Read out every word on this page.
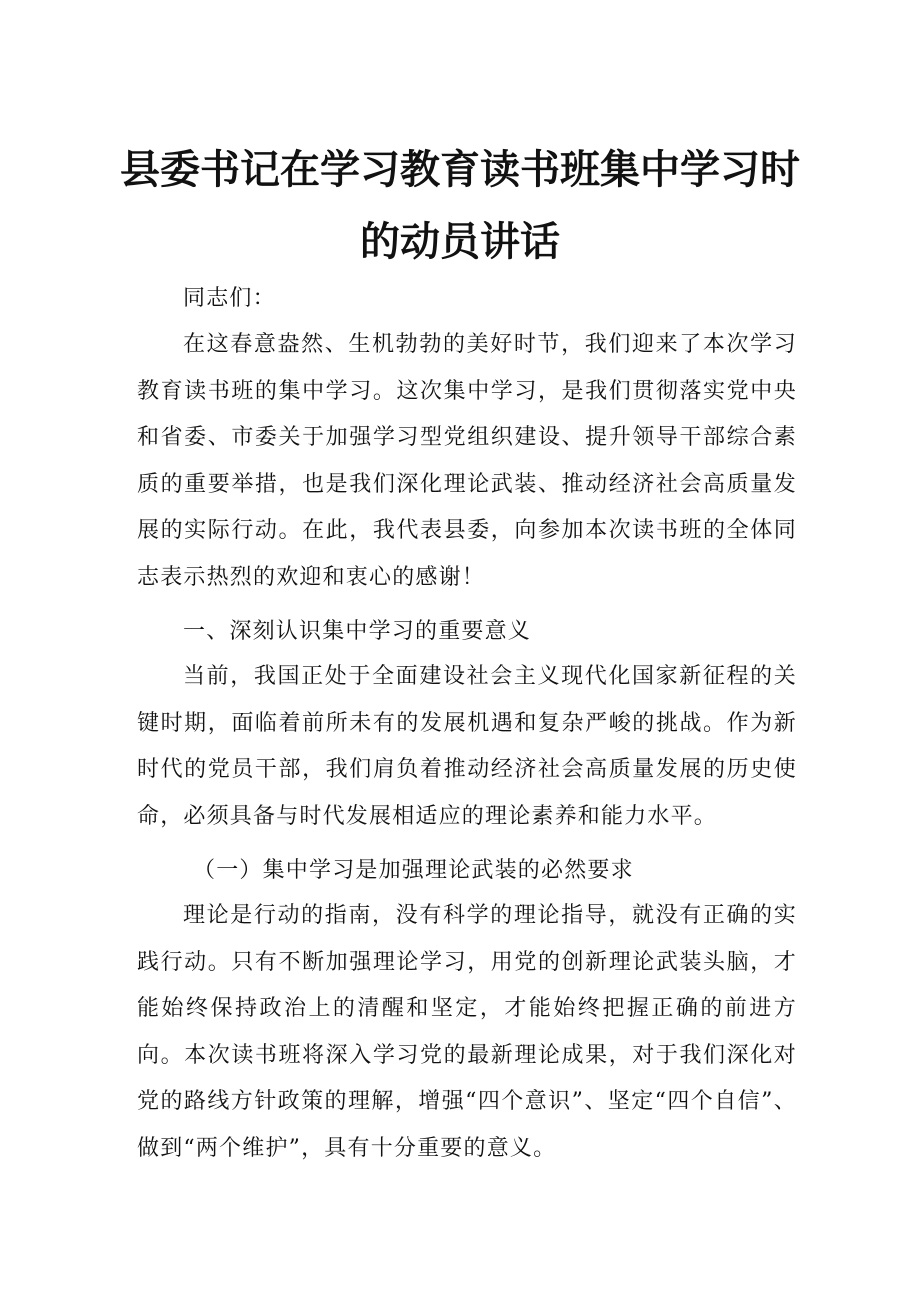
县委书记在学习教育读书班集中学习时
的动员讲话

同志们：

在这春意盎然、生机勃勃的美好时节，我们迎来了本次学习教育读书班的集中学习。这次集中学习，是我们贯彻落实党中央和省委、市委关于加强学习型党组织建设、提升领导干部综合素质的重要举措，也是我们深化理论武装、推动经济社会高质量发展的实际行动。在此，我代表县委，向参加本次读书班的全体同志表示热烈的欢迎和衷心的感谢！

一、深刻认识集中学习的重要意义

当前，我国正处于全面建设社会主义现代化国家新征程的关键时期，面临着前所未有的发展机遇和复杂严峻的挑战。作为新时代的党员干部，我们肩负着推动经济社会高质量发展的历史使命，必须具备与时代发展相适应的理论素养和能力水平。

（一）集中学习是加强理论武装的必然要求

理论是行动的指南，没有科学的理论指导，就没有正确的实践行动。只有不断加强理论学习，用党的创新理论武装头脑，才能始终保持政治上的清醒和坚定，才能始终把握正确的前进方向。本次读书班将深入学习党的最新理论成果，对于我们深化对党的路线方针政策的理解，增强“四个意识”、坚定“四个自信”、做到“两个维护”，具有十分重要的意义。
